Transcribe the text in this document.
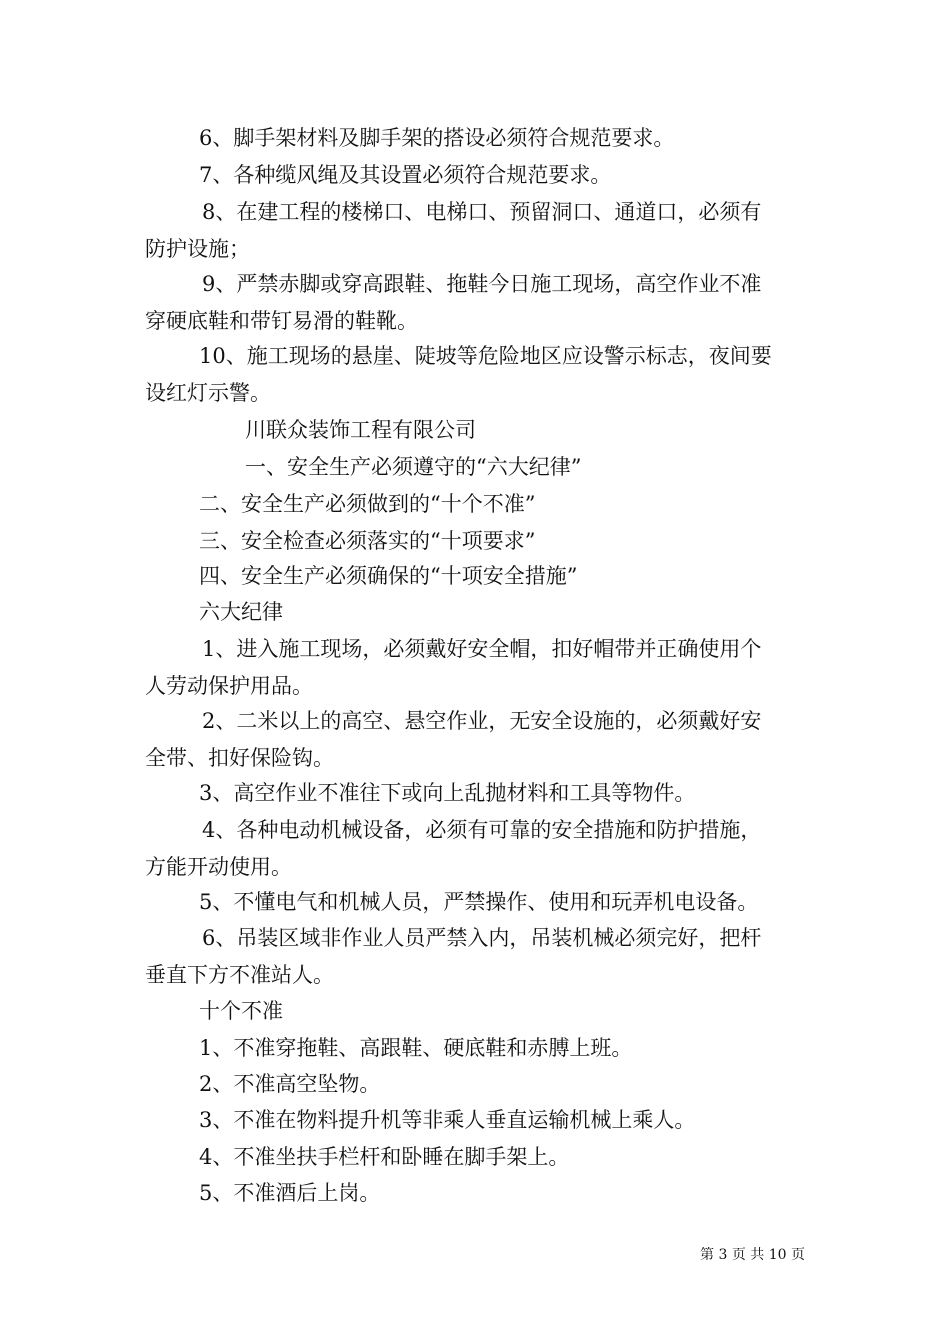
6、脚手架材料及脚手架的搭设必须符合规范要求。
7、各种缆风绳及其设置必须符合规范要求。
8、在建工程的楼梯口、电梯口、预留洞口、通道口，必须有
防护设施；
9、严禁赤脚或穿高跟鞋、拖鞋今日施工现场，高空作业不准
穿硬底鞋和带钉易滑的鞋靴。
10、施工现场的悬崖、陡坡等危险地区应设警示标志，夜间要
设红灯示警。
川联众装饰工程有限公司
一、安全生产必须遵守的“六大纪律”
二、安全生产必须做到的“十个不准”
三、安全检查必须落实的“十项要求”
四、安全生产必须确保的“十项安全措施”
六大纪律
1、进入施工现场，必须戴好安全帽，扣好帽带并正确使用个
人劳动保护用品。
2、二米以上的高空、悬空作业，无安全设施的，必须戴好安
全带、扣好保险钩。
3、高空作业不准往下或向上乱抛材料和工具等物件。
4、各种电动机械设备，必须有可靠的安全措施和防护措施，
方能开动使用。
5、不懂电气和机械人员，严禁操作、使用和玩弄机电设备。
6、吊装区域非作业人员严禁入内，吊装机械必须完好，把杆
垂直下方不准站人。
十个不准
1、不准穿拖鞋、高跟鞋、硬底鞋和赤膊上班。
2、不准高空坠物。
3、不准在物料提升机等非乘人垂直运输机械上乘人。
4、不准坐扶手栏杆和卧睡在脚手架上。
5、不准酒后上岗。
第 3 页 共 10 页
